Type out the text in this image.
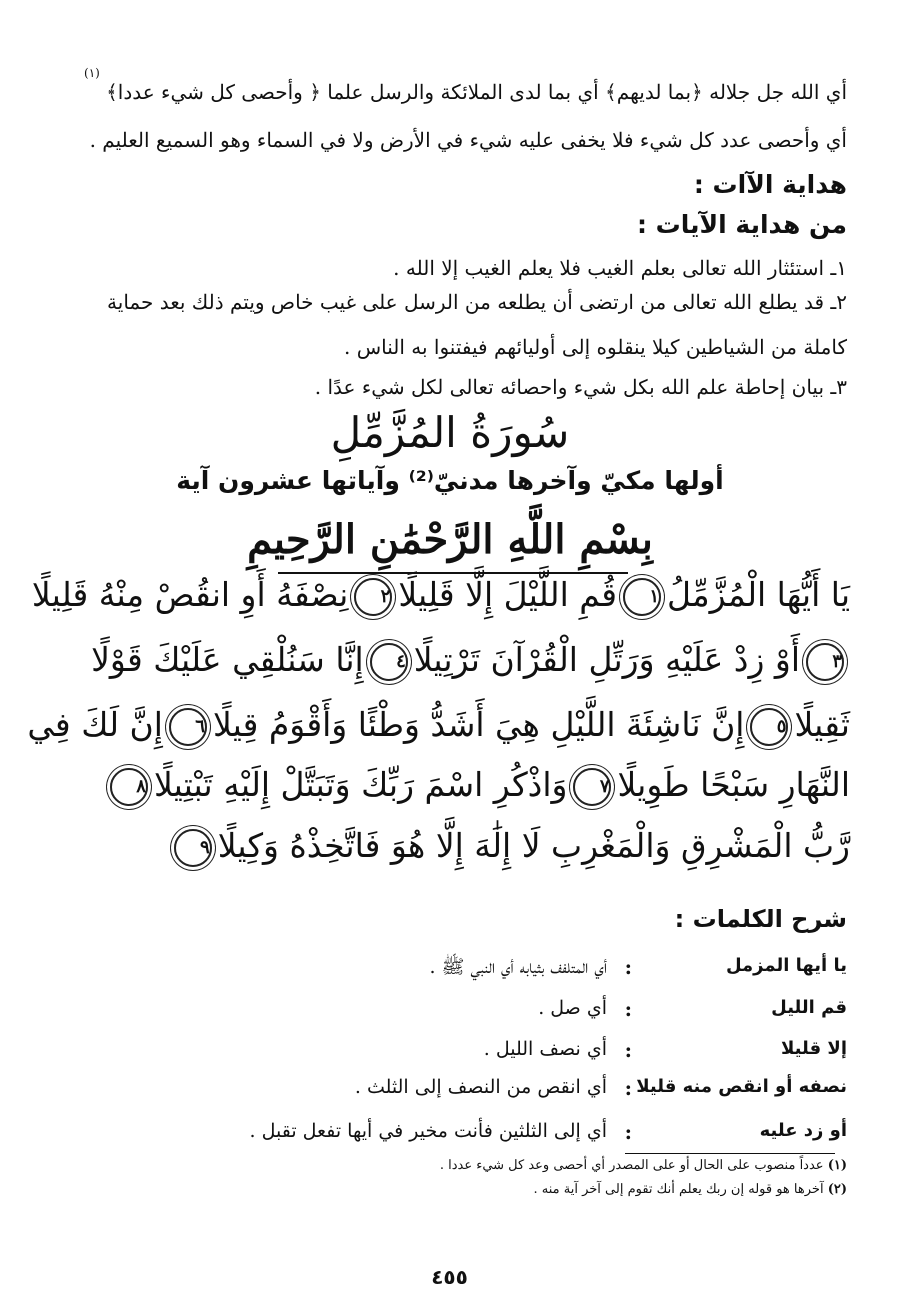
(١)
أي الله جل جلاله ﴿بما لديهم﴾ أي بما لدى الملائكة والرسل علما ﴿ وأحصى كل شيء عددا﴾
أي وأحصى عدد كل شيء فلا يخفى عليه شيء في الأرض ولا في السماء وهو السميع العليم .
هداية الآات :
من هداية الآيات :
١ـ استئثار الله تعالى بعلم الغيب فلا يعلم الغيب إلا الله .
٢ـ قد يطلع الله تعالى من ارتضى أن يطلعه من الرسل على غيب خاص ويتم ذلك بعد حماية
كاملة من الشياطين كيلا ينقلوه إلى أوليائهم فيفتنوا به الناس .
٣ـ بيان إحاطة علم الله بكل شيء واحصائه تعالى لكل شيء عدًا .
سُورَةُ المُزَّمِّلِ
أولها مكيّ وآخرها مدنيّ⁽²⁾ وآياتها عشرون آية
بِسْمِ اللَّهِ الرَّحْمَٰنِ الرَّحِيمِ
يَا أَيُّهَا الْمُزَّمِّلُ١قُمِ اللَّيْلَ إِلَّا قَلِيلًا٢نِصْفَهُ أَوِ انقُصْ مِنْهُ قَلِيلًا
٣أَوْ زِدْ عَلَيْهِ وَرَتِّلِ الْقُرْآنَ تَرْتِيلًا٤إِنَّا سَنُلْقِي عَلَيْكَ قَوْلًا
ثَقِيلًا٥إِنَّ نَاشِئَةَ اللَّيْلِ هِيَ أَشَدُّ وَطْئًا وَأَقْوَمُ قِيلًا٦إِنَّ لَكَ فِي
النَّهَارِ سَبْحًا طَوِيلًا٧وَاذْكُرِ اسْمَ رَبِّكَ وَتَبَتَّلْ إِلَيْهِ تَبْتِيلًا٨
رَّبُّ الْمَشْرِقِ وَالْمَغْرِبِ لَا إِلَٰهَ إِلَّا هُوَ فَاتَّخِذْهُ وَكِيلًا٩
شرح الكلمات :
يا أيها المزمل
:
أي المتلفف بثيابه أي النبي ﷺ .
قم الليل
:
أي صل .
إلا قليلا
:
أي نصف الليل .
نصفه أو انقص منه قليلا
:
أي انقص من النصف إلى الثلث .
أو زد عليه
:
أي إلى الثلثين فأنت مخير في أيها تفعل تقبل .
(١) عدداً منصوب على الحال أو على المصدر أي أحصى وعد كل شيء عددا .
(٢) آخرها هو قوله إن ربك يعلم أنك تقوم إلى آخر آية منه .
٤٥٥
